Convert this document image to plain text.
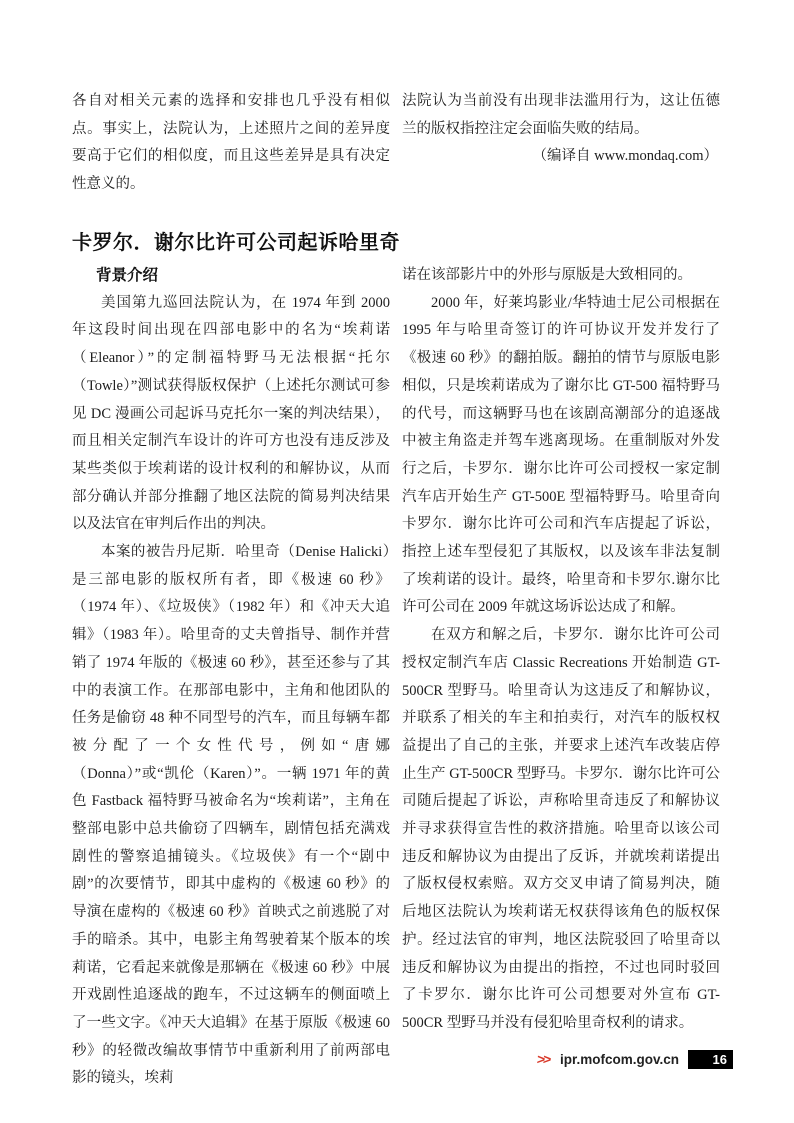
各自对相关元素的选择和安排也几乎没有相似点。事实上，法院认为，上述照片之间的差异度要高于它们的相似度，而且这些差异是具有决定性意义的。

法院认为当前没有出现非法滥用行为，这让伍德兰的版权指控注定会面临失败的结局。

（编译自 www.mondaq.com）

卡罗尔．谢尔比许可公司起诉哈里奇
背景介绍

美国第九巡回法院认为，在 1974 年到 2000 年这段时间出现在四部电影中的名为“埃莉诺（Eleanor）”的定制福特野马无法根据“托尔（Towle）”测试获得版权保护（上述托尔测试可参见 DC 漫画公司起诉马克托尔一案的判决结果），而且相关定制汽车设计的许可方也没有违反涉及某些类似于埃莉诺的设计权利的和解协议，从而部分确认并部分推翻了地区法院的简易判决结果以及法官在审判后作出的判决。

本案的被告丹尼斯．哈里奇（Denise Halicki）是三部电影的版权所有者，即《极速 60 秒》（1974 年）、《垃圾侠》（1982 年）和《冲天大追辑》（1983 年）。哈里奇的丈夫曾指导、制作并营销了 1974 年版的《极速 60 秒》，甚至还参与了其中的表演工作。在那部电影中，主角和他团队的任务是偷窃 48 种不同型号的汽车，而且每辆车都被分配了一个女性代号，例如“唐娜（Donna）”或“凯伦（Karen）”。一辆 1971 年的黄色 Fastback 福特野马被命名为“埃莉诺”，主角在整部电影中总共偷窃了四辆车，剧情包括充满戏剧性的警察追捕镜头。《垃圾侠》有一个“剧中剧”的次要情节，即其中虚构的《极速 60 秒》的导演在虚构的《极速 60 秒》首映式之前逃脱了对手的暗杀。其中，电影主角驾驶着某个版本的埃莉诺，它看起来就像是那辆在《极速 60 秒》中展开戏剧性追逐战的跑车，不过这辆车的侧面喷上了一些文字。《冲天大追辑》在基于原版《极速 60 秒》的轻微改编故事情节中重新利用了前两部电影的镜头，埃莉

诺在该部影片中的外形与原版是大致相同的。

2000 年，好莱坞影业/华特迪士尼公司根据在 1995 年与哈里奇签订的许可协议开发并发行了《极速 60 秒》的翻拍版。翻拍的情节与原版电影相似，只是埃莉诺成为了谢尔比 GT-500 福特野马的代号，而这辆野马也在该剧高潮部分的追逐战中被主角盗走并驾车逃离现场。在重制版对外发行之后，卡罗尔．谢尔比许可公司授权一家定制汽车店开始生产 GT-500E 型福特野马。哈里奇向卡罗尔．谢尔比许可公司和汽车店提起了诉讼，指控上述车型侵犯了其版权，以及该车非法复制了埃莉诺的设计。最终，哈里奇和卡罗尔.谢尔比许可公司在 2009 年就这场诉讼达成了和解。

在双方和解之后，卡罗尔．谢尔比许可公司授权定制汽车店 Classic Recreations 开始制造 GT-500CR 型野马。哈里奇认为这违反了和解协议，并联系了相关的车主和拍卖行，对汽车的版权权益提出了自己的主张，并要求上述汽车改装店停止生产 GT-500CR 型野马。卡罗尔．谢尔比许可公司随后提起了诉讼，声称哈里奇违反了和解协议并寻求获得宣告性的救济措施。哈里奇以该公司违反和解协议为由提出了反诉，并就埃莉诺提出了版权侵权索赔。双方交叉申请了简易判决，随后地区法院认为埃莉诺无权获得该角色的版权保护。经过法官的审判，地区法院驳回了哈里奇以违反和解协议为由提出的指控，不过也同时驳回了卡罗尔．谢尔比许可公司想要对外宣布 GT-500CR 型野马并没有侵犯哈里奇权利的请求。

>> ipr.mofcom.gov.cn	16
